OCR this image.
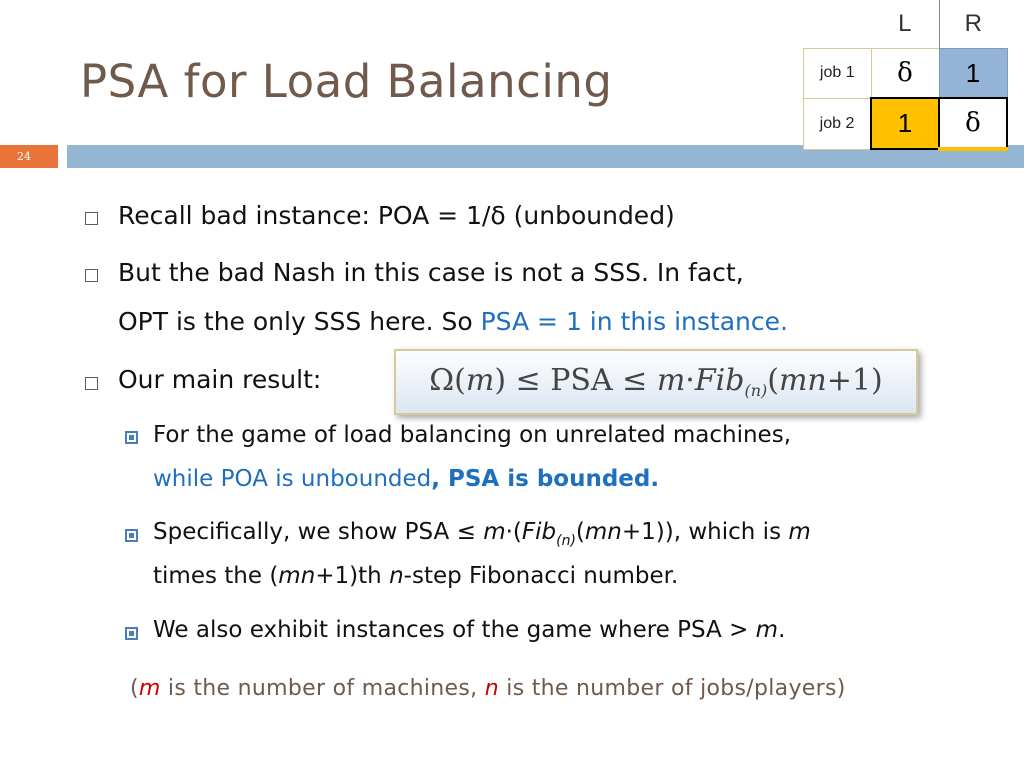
PSA for Load Balancing
24
	L	R
job 1	δ	1
job 2	1	δ
Recall bad instance: POA = 1/δ (unbounded)
But the bad Nash in this case is not a SSS. In fact,
OPT is the only SSS here. So PSA = 1 in this instance.
Our main result:	Ω(m) ≤ PSA ≤ m·Fib$_{(n)}$(mn+1)
For the game of load balancing on unrelated machines,
while POA is unbounded, PSA is bounded.
Specifically, we show PSA ≤ m·(Fib$_{(n)}$(mn+1)), which is m
times the (mn+1)th n-step Fibonacci number.
We also exhibit instances of the game where PSA > m.
(m is the number of machines, n is the number of jobs/players)
